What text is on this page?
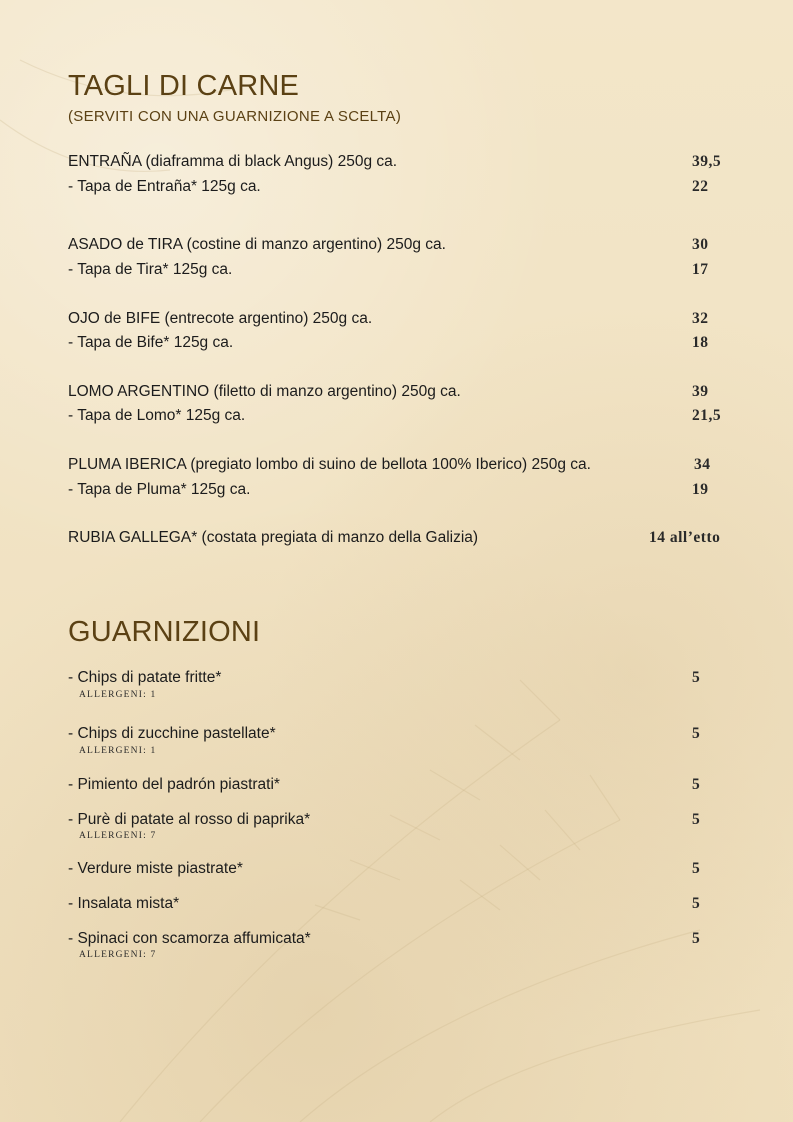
TAGLI DI CARNE
(SERVITI CON UNA GUARNIZIONE A SCELTA)
ENTRAÑA (diaframma di black Angus) 250g ca.	39,5
- Tapa de Entraña* 125g ca.	22
ASADO de TIRA (costine di manzo argentino) 250g ca.	30
- Tapa de Tira* 125g ca.	17
OJO de BIFE (entrecote argentino) 250g ca.	32
- Tapa de Bife* 125g ca.	18
LOMO ARGENTINO (filetto di manzo argentino) 250g ca.	39
- Tapa de Lomo* 125g ca.	21,5
PLUMA IBERICA (pregiato lombo di suino de bellota 100% Iberico) 250g ca.	34
- Tapa de Pluma* 125g ca.	19
RUBIA GALLEGA* (costata pregiata di manzo della Galizia)	14 all’etto
GUARNIZIONI
- Chips di patate fritte*	5
ALLERGENI: 1
- Chips di zucchine pastellate*	5
ALLERGENI: 1
- Pimiento del padrón piastrati*	5
- Purè di patate al rosso di paprika*	5
ALLERGENI: 7
- Verdure miste piastrate*	5
- Insalata mista*	5
- Spinaci con scamorza affumicata*	5
ALLERGENI: 7
